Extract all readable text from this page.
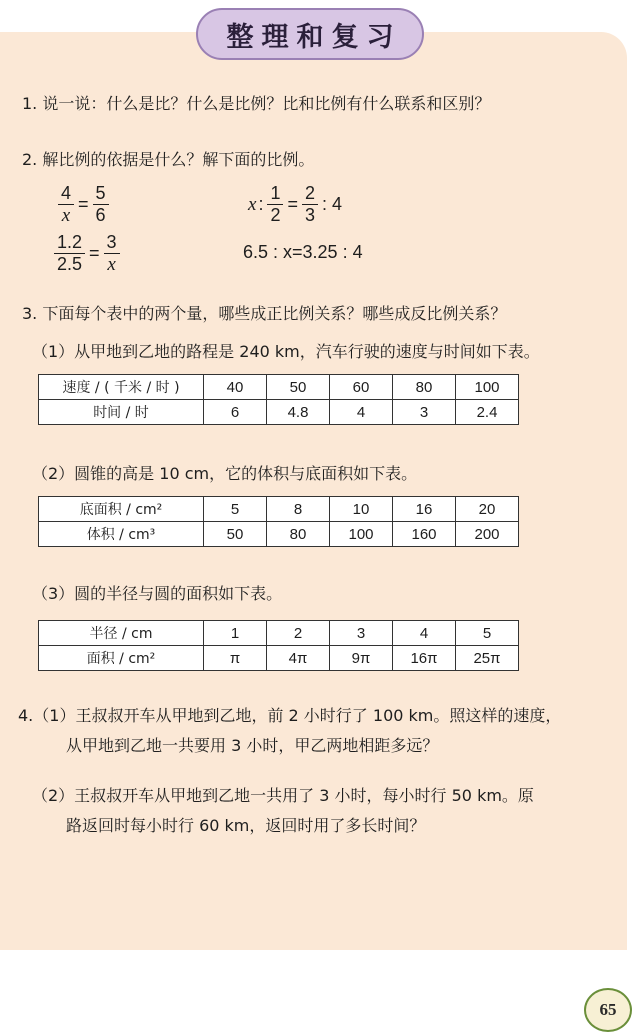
整理和复习
1. 说一说：什么是比？什么是比例？比和比例有什么联系和区别？
2. 解比例的依据是什么？解下面的比例。
$\frac{4}{x} = \frac{5}{6}$	x : $\frac{1}{2} = \frac{2}{3}$ : 4
$\frac{1.2}{2.5} = \frac{3}{x}$	6.5 : x=3.25 : 4
3. 下面每个表中的两个量，哪些成正比例关系？哪些成反比例关系？
（1）从甲地到乙地的路程是 240 km，汽车行驶的速度与时间如下表。
速度 / ( 千米 / 时 )	40	50	60	80	100
时间 / 时	6	4.8	4	3	2.4
（2）圆锥的高是 10 cm，它的体积与底面积如下表。
底面积 / cm²	5	8	10	16	20
体积 / cm³	50	80	100	160	200
（3）圆的半径与圆的面积如下表。
半径 / cm	1	2	3	4	5
面积 / cm²	π	4π	9π	16π	25π
4.（1）王叔叔开车从甲地到乙地，前 2 小时行了 100 km。照这样的速度，
从甲地到乙地一共要用 3 小时，甲乙两地相距多远？
（2）王叔叔开车从甲地到乙地一共用了 3 小时，每小时行 50 km。原
路返回时每小时行 60 km，返回时用了多长时间？
65
